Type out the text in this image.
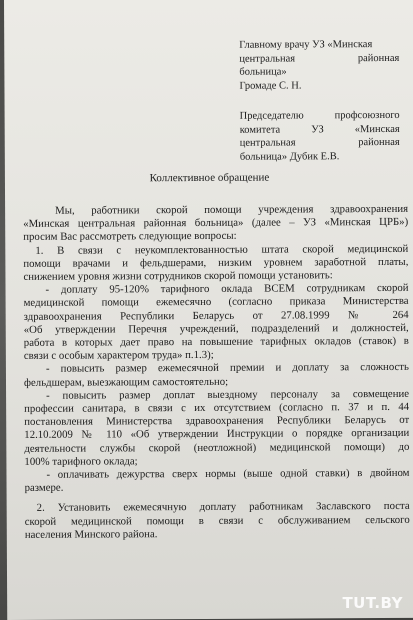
Главному врачу УЗ «Минская
центральная районная
больница»
Громаде С. Н.
Председателю профсоюзного
комитета УЗ «Минская
центральная районная
больница» Дубик Е.В.
Коллективное обращение
Мы, работники скорой помощи учреждения здравоохранения
«Минская центральная районная больница» (далее – УЗ «Минская ЦРБ»)
просим Вас рассмотреть следующие вопросы:
1. В связи с неукомплектованностью штата скорой медицинской
помощи врачами и фельдшерами, низким уровнем заработной платы,
снижением уровня жизни сотрудников скорой помощи установить:
- доплату 95-120% тарифного оклада ВСЕМ сотрудникам скорой
медицинской помощи ежемесячно (согласно приказа Министерства
здравоохранения Республики Беларусь от 27.08.1999 № 264
«Об утверждении Перечня учреждений, подразделений и должностей,
работа в которых дает право на повышение тарифных окладов (ставок) в
связи с особым характером труда» п.1.3);
- повысить размер ежемесячной премии и доплату за сложность
фельдшерам, выезжающим самостоятельно;
- повысить размер доплат выездному персоналу за совмещение
профессии санитара, в связи с их отсутствием (согласно п. 37 и п. 44
постановления Министерства здравоохранения Республики Беларусь от
12.10.2009 № 110 «Об утверждении Инструкции о порядке организации
деятельности службы скорой (неотложной) медицинской помощи) до
100% тарифного оклада;
- оплачивать дежурства сверх нормы (выше одной ставки) в двойном
размере.
2. Установить ежемесячную доплату работникам Заславского поста
скорой медицинской помощи в связи с обслуживанием сельского
населения Минского района.
TUT.BY
